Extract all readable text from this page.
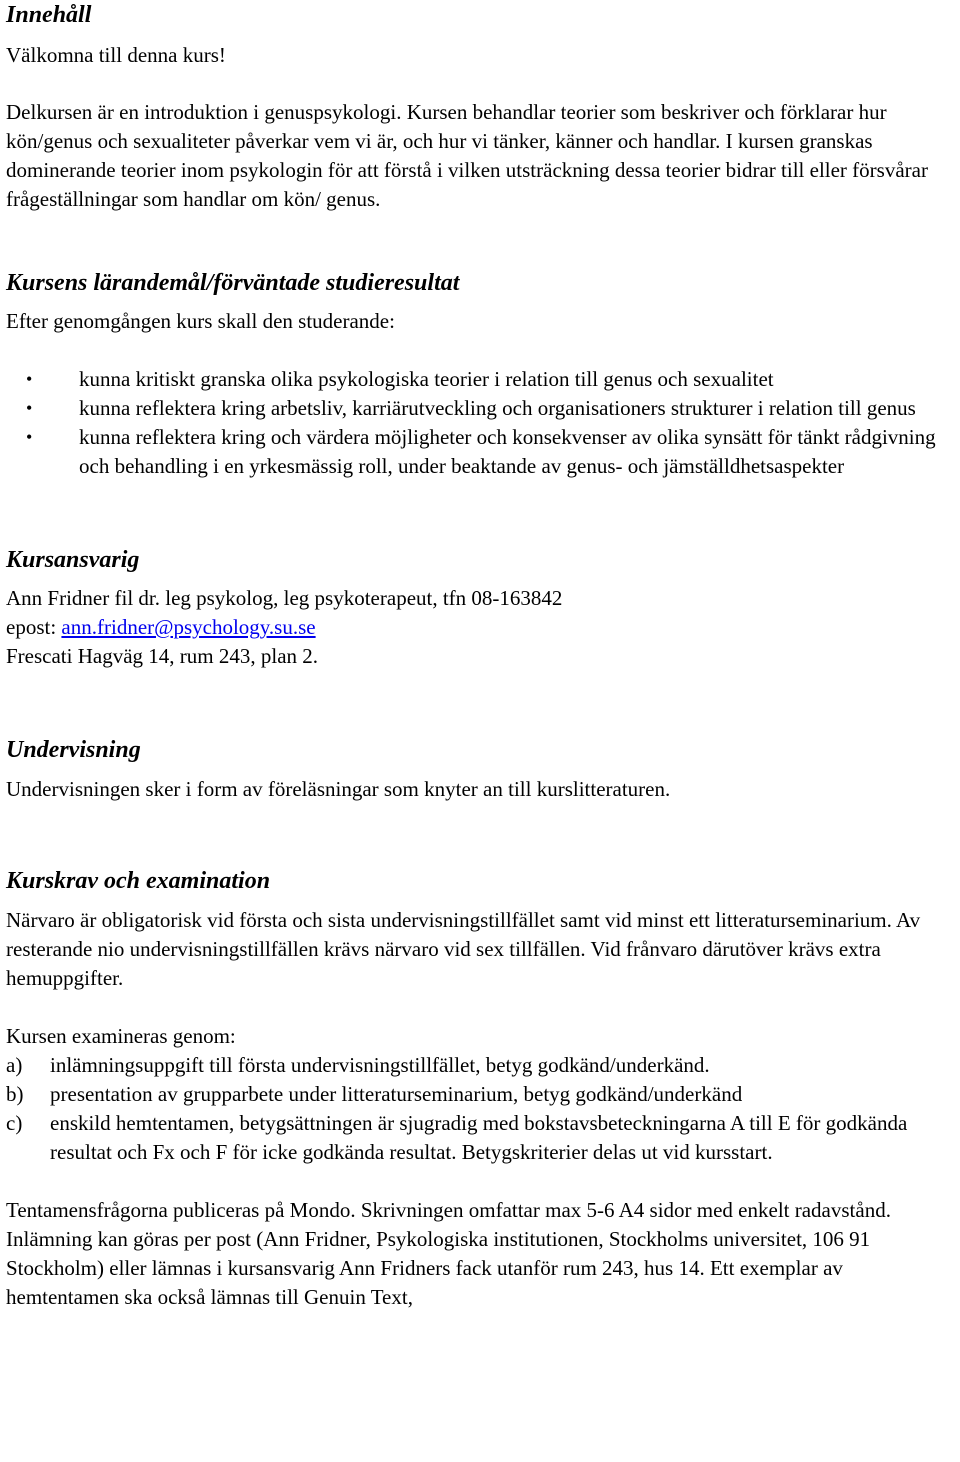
Innehåll

Välkomna till denna kurs!

Delkursen är en introduktion i genuspsykologi. Kursen behandlar teorier som beskriver och förklarar hur kön/genus och sexualiteter påverkar vem vi är, och hur vi tänker, känner och handlar. I kursen granskas dominerande teorier inom psykologin för att förstå i vilken utsträckning dessa teorier bidrar till eller försvårar frågeställningar som handlar om kön/ genus.

Kursens lärandemål/förväntade studieresultat

Efter genomgången kurs skall den studerande:

• kunna kritiskt granska olika psykologiska teorier i relation till genus och sexualitet
• kunna reflektera kring arbetsliv, karriärutveckling och organisationers strukturer i relation till genus
• kunna reflektera kring och värdera möjligheter och konsekvenser av olika synsätt för tänkt rådgivning och behandling i en yrkesmässig roll, under beaktande av genus- och jämställdhetsaspekter
Kursansvarig

Ann Fridner fil dr. leg psykolog, leg psykoterapeut, tfn 08-163842

epost: ann.fridner@psychology.su.se

Frescati Hagväg 14, rum 243, plan 2.

Undervisning

Undervisningen sker i form av föreläsningar som knyter an till kurslitteraturen.

Kurskrav och examination

Närvaro är obligatorisk vid första och sista undervisningstillfället samt vid minst ett litteraturseminarium. Av resterande nio undervisningstillfällen krävs närvaro vid sex tillfällen. Vid frånvaro därutöver krävs extra hemuppgifter.

Kursen examineras genom:

a) inlämningsuppgift till första undervisningstillfället, betyg godkänd/underkänd.
b) presentation av grupparbete under litteraturseminarium, betyg godkänd/underkänd
c) enskild hemtentamen, betygsättningen är sjugradig med bokstavsbeteckningarna A till E för godkända resultat och Fx och F för icke godkända resultat. Betygskriterier delas ut vid kursstart.

Tentamensfrågorna publiceras på Mondo. Skrivningen omfattar max 5-6 A4 sidor med enkelt radavstånd. Inlämning kan göras per post (Ann Fridner, Psykologiska institutionen, Stockholms universitet, 106 91 Stockholm) eller lämnas i kursansvarig Ann Fridners fack utanför rum 243, hus 14. Ett exemplar av hemtentamen ska också lämnas till Genuin Text,
